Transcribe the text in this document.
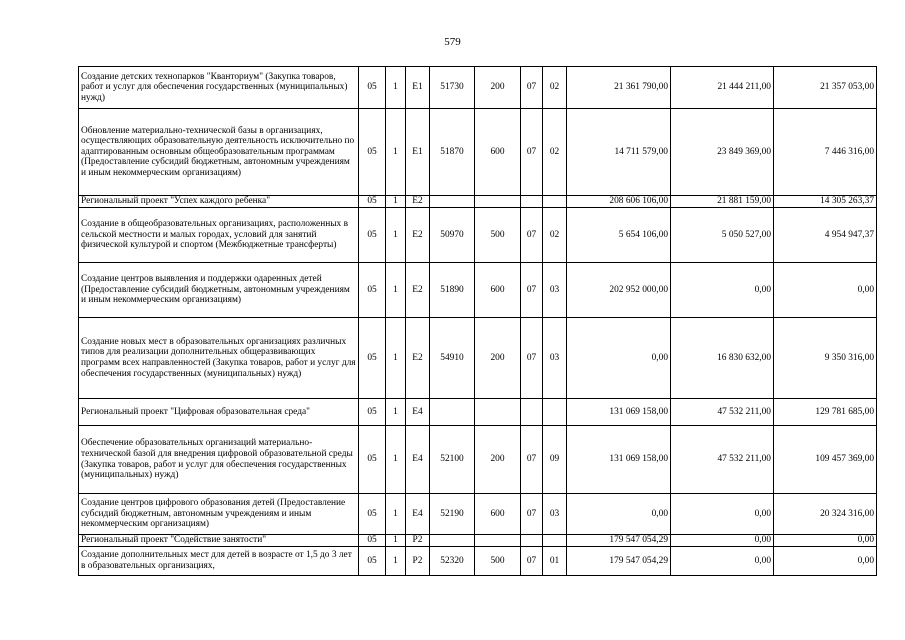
579
Создание детских технопарков "Кванториум" (Закупка товаров, работ и услуг для обеспечения государственных (муниципальных) нужд)	05	1	E1	51730	200	07	02	21 361 790,00	21 444 211,00	21 357 053,00
Обновление материально-технической базы в организациях, осуществляющих образовательную деятельность исключительно по адаптированным основным общеобразовательным программам (Предоставление субсидий бюджетным, автономным учреждениям и иным некоммерческим организациям)	05	1	E1	51870	600	07	02	14 711 579,00	23 849 369,00	7 446 316,00
Региональный проект "Успех каждого ребенка"	05	1	E2					208 606 106,00	21 881 159,00	14 305 263,37
Создание в общеобразовательных организациях, расположенных в сельской местности и малых городах, условий для занятий физической культурой и спортом (Межбюджетные трансферты)	05	1	E2	50970	500	07	02	5 654 106,00	5 050 527,00	4 954 947,37
Создание центров выявления и поддержки одаренных детей (Предоставление субсидий бюджетным, автономным учреждениям и иным некоммерческим организациям)	05	1	E2	51890	600	07	03	202 952 000,00	0,00	0,00
Создание новых мест в образовательных организациях различных типов для реализации дополнительных общеразвивающих программ всех направленностей (Закупка товаров, работ и услуг для обеспечения государственных (муниципальных) нужд)	05	1	E2	54910	200	07	03	0,00	16 830 632,00	9 350 316,00
Региональный проект "Цифровая образовательная среда"	05	1	E4					131 069 158,00	47 532 211,00	129 781 685,00
Обеспечение образовательных организаций материально-технической базой для внедрения цифровой образовательной среды (Закупка товаров, работ и услуг для обеспечения государственных (муниципальных) нужд)	05	1	E4	52100	200	07	09	131 069 158,00	47 532 211,00	109 457 369,00
Создание центров цифрового образования детей (Предоставление субсидий бюджетным, автономным учреждениям и иным некоммерческим организациям)	05	1	E4	52190	600	07	03	0,00	0,00	20 324 316,00
Региональный проект "Содействие занятости"	05	1	P2					179 547 054,29	0,00	0,00
Создание дополнительных мест для детей в возрасте от 1,5 до 3 лет в образовательных организациях,	05	1	P2	52320	500	07	01	179 547 054,29	0,00	0,00
